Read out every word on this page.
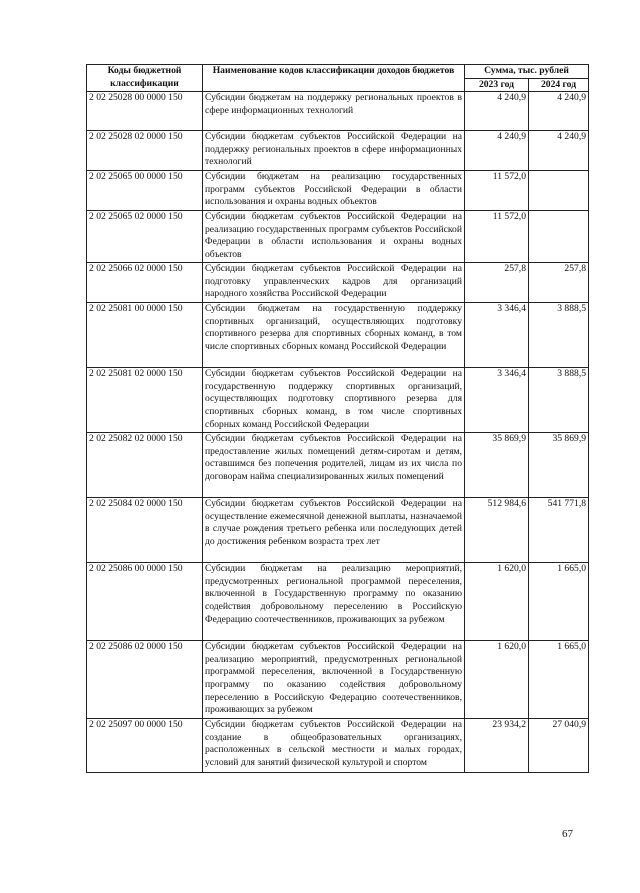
Коды бюджетной классификации	Наименование кодов классификации доходов бюджетов	Сумма, тыс. рублей	
		2023 год	2024 год
2 02 25028 00 0000 150	Субсидии бюджетам на поддержку региональных проектов в сфере информационных технологий	4 240,9	4 240,9
2 02 25028 02 0000 150	Субсидии бюджетам субъектов Российской Федерации на поддержку региональных проектов в сфере информационных технологий	4 240,9	4 240,9
2 02 25065 00 0000 150	Субсидии бюджетам на реализацию государственных программ субъектов Российской Федерации в области использования и охраны водных объектов	11 572,0	
2 02 25065 02 0000 150	Субсидии бюджетам субъектов Российской Федерации на реализацию государственных программ субъектов Российской Федерации в области использования и охраны водных объектов	11 572,0	
2 02 25066 02 0000 150	Субсидии бюджетам субъектов Российской Федерации на подготовку управленческих кадров для организаций народного хозяйства Российской Федерации	257,8	257,8
2 02 25081 00 0000 150	Субсидии бюджетам на государственную поддержку спортивных организаций, осуществляющих подготовку спортивного резерва для спортивных сборных команд, в том числе спортивных сборных команд Российской Федерации	3 346,4	3 888,5
2 02 25081 02 0000 150	Субсидии бюджетам субъектов Российской Федерации на государственную поддержку спортивных организаций, осуществляющих подготовку спортивного резерва для спортивных сборных команд, в том числе спортивных сборных команд Российской Федерации	3 346,4	3 888,5
2 02 25082 02 0000 150	Субсидии бюджетам субъектов Российской Федерации на предоставление жилых помещений детям-сиротам и детям, оставшимся без попечения родителей, лицам из их числа по договорам найма специализированных жилых помещений	35 869,9	35 869,9
2 02 25084 02 0000 150	Субсидии бюджетам субъектов Российской Федерации на осуществление ежемесячной денежной выплаты, назначаемой в случае рождения третьего ребенка или последующих детей до достижения ребенком возраста трех лет	512 984,6	541 771,8
2 02 25086 00 0000 150	Субсидии бюджетам на реализацию мероприятий, предусмотренных региональной программой переселения, включенной в Государственную программу по оказанию содействия добровольному переселению в Российскую Федерацию соотечественников, проживающих за рубежом	1 620,0	1 665,0
2 02 25086 02 0000 150	Субсидии бюджетам субъектов Российской Федерации на реализацию мероприятий, предусмотренных региональной программой переселения, включенной в Государственную программу по оказанию содействия добровольному переселению в Российскую Федерацию соотечественников, проживающих за рубежом	1 620,0	1 665,0
2 02 25097 00 0000 150	Субсидии бюджетам субъектов Российской Федерации на создание в общеобразовательных организациях, расположенных в сельской местности и малых городах, условий для занятий физической культурой и спортом	23 934,2	27 040,9
67
